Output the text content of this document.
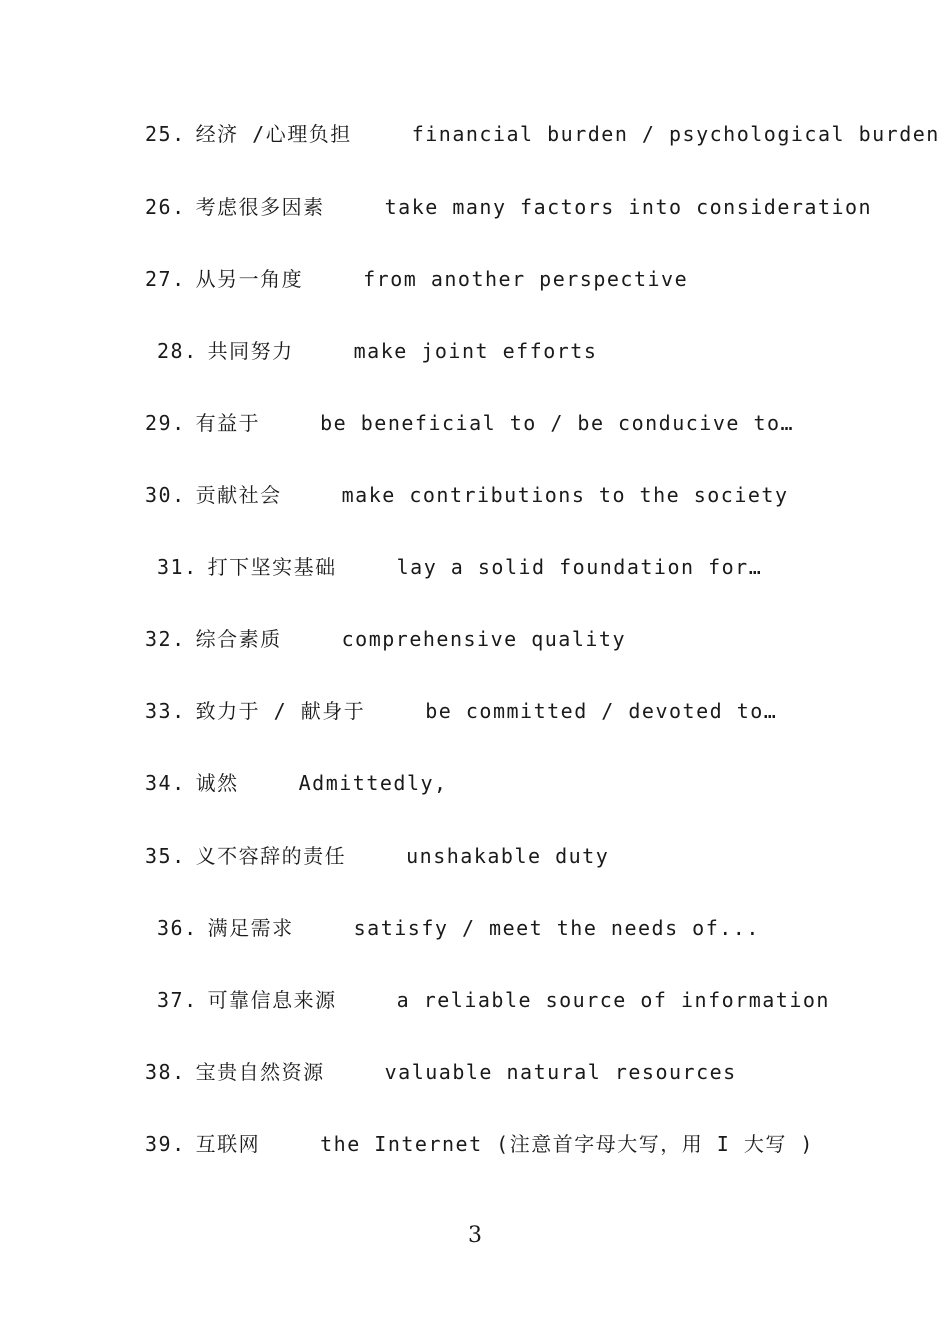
25. 经济 /心理负担	financial burden / psychological burden
26. 考虑很多因素	take many factors into consideration
27. 从另一角度	from another perspective
28. 共同努力	make joint efforts
29. 有益于	be beneficial to / be conducive to…
30. 贡献社会	make contributions to the society
31. 打下坚实基础	lay a solid foundation for…
32. 综合素质	comprehensive quality
33. 致力于 / 献身于	be committed / devoted to…
34. 诚然	Admittedly,
35. 义不容辞的责任	unshakable duty
36. 满足需求	satisfy / meet the needs of...
37. 可靠信息来源	a reliable source of information
38. 宝贵自然资源	valuable natural resources
39. 互联网	the Internet (注意首字母大写，用 I 大写 )
3
